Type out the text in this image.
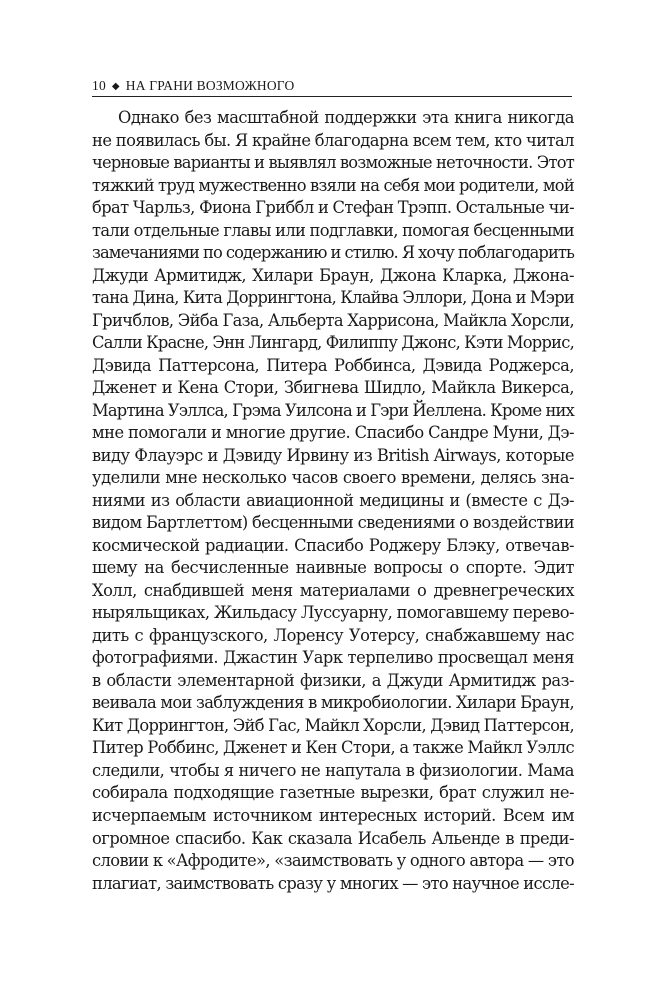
10 ◆ НА ГРАНИ ВОЗМОЖНОГО
Однако без масштабной поддержки эта книга никогда
не появилась бы. Я крайне благодарна всем тем, кто читал
черновые варианты и выявлял возможные неточности. Этот
тяжкий труд мужественно взяли на себя мои родители, мой
брат Чарльз, Фиона Гриббл и Стефан Трэпп. Остальные чи-
тали отдельные главы или подглавки, помогая бесценными
замечаниями по содержанию и стилю. Я хочу поблагодарить
Джуди Армитидж, Хилари Браун, Джона Кларка, Джона-
тана Дина, Кита Доррингтона, Клайва Эллори, Дона и Мэри
Гричблов, Эйба Газа, Альберта Харрисона, Майкла Хорсли,
Салли Красне, Энн Лингард, Филиппу Джонс, Кэти Моррис,
Дэвида Паттерсона, Питера Роббинса, Дэвида Роджерса,
Дженет и Кена Стори, Збигнева Шидло, Майкла Викерса,
Мартина Уэллса, Грэма Уилсона и Гэри Йеллена. Кроме них
мне помогали и многие другие. Спасибо Сандре Муни, Дэ-
виду Флауэрс и Дэвиду Ирвину из British Airways, которые
уделили мне несколько часов своего времени, делясь зна-
ниями из области авиационной медицины и (вместе с Дэ-
видом Бартлеттом) бесценными сведениями о воздействии
космической радиации. Спасибо Роджеру Блэку, отвечав-
шему на бесчисленные наивные вопросы о спорте. Эдит
Холл, снабдившей меня материалами о древнегреческих
ныряльщиках, Жильдасу Луссуарну, помогавшему перево-
дить с французского, Лоренсу Уотерсу, снабжавшему нас
фотографиями. Джастин Уарк терпеливо просвещал меня
в области элементарной физики, а Джуди Армитидж раз-
веивала мои заблуждения в микробиологии. Хилари Браун,
Кит Доррингтон, Эйб Гас, Майкл Хорсли, Дэвид Паттерсон,
Питер Роббинс, Дженет и Кен Стори, а также Майкл Уэллс
следили, чтобы я ничего не напутала в физиологии. Мама
собирала подходящие газетные вырезки, брат служил не-
исчерпаемым источником интересных историй. Всем им
огромное спасибо. Как сказала Исабель Альенде в преди-
словии к «Афродите», «заимствовать у одного автора — это
плагиат, заимствовать сразу у многих — это научное иссле-
